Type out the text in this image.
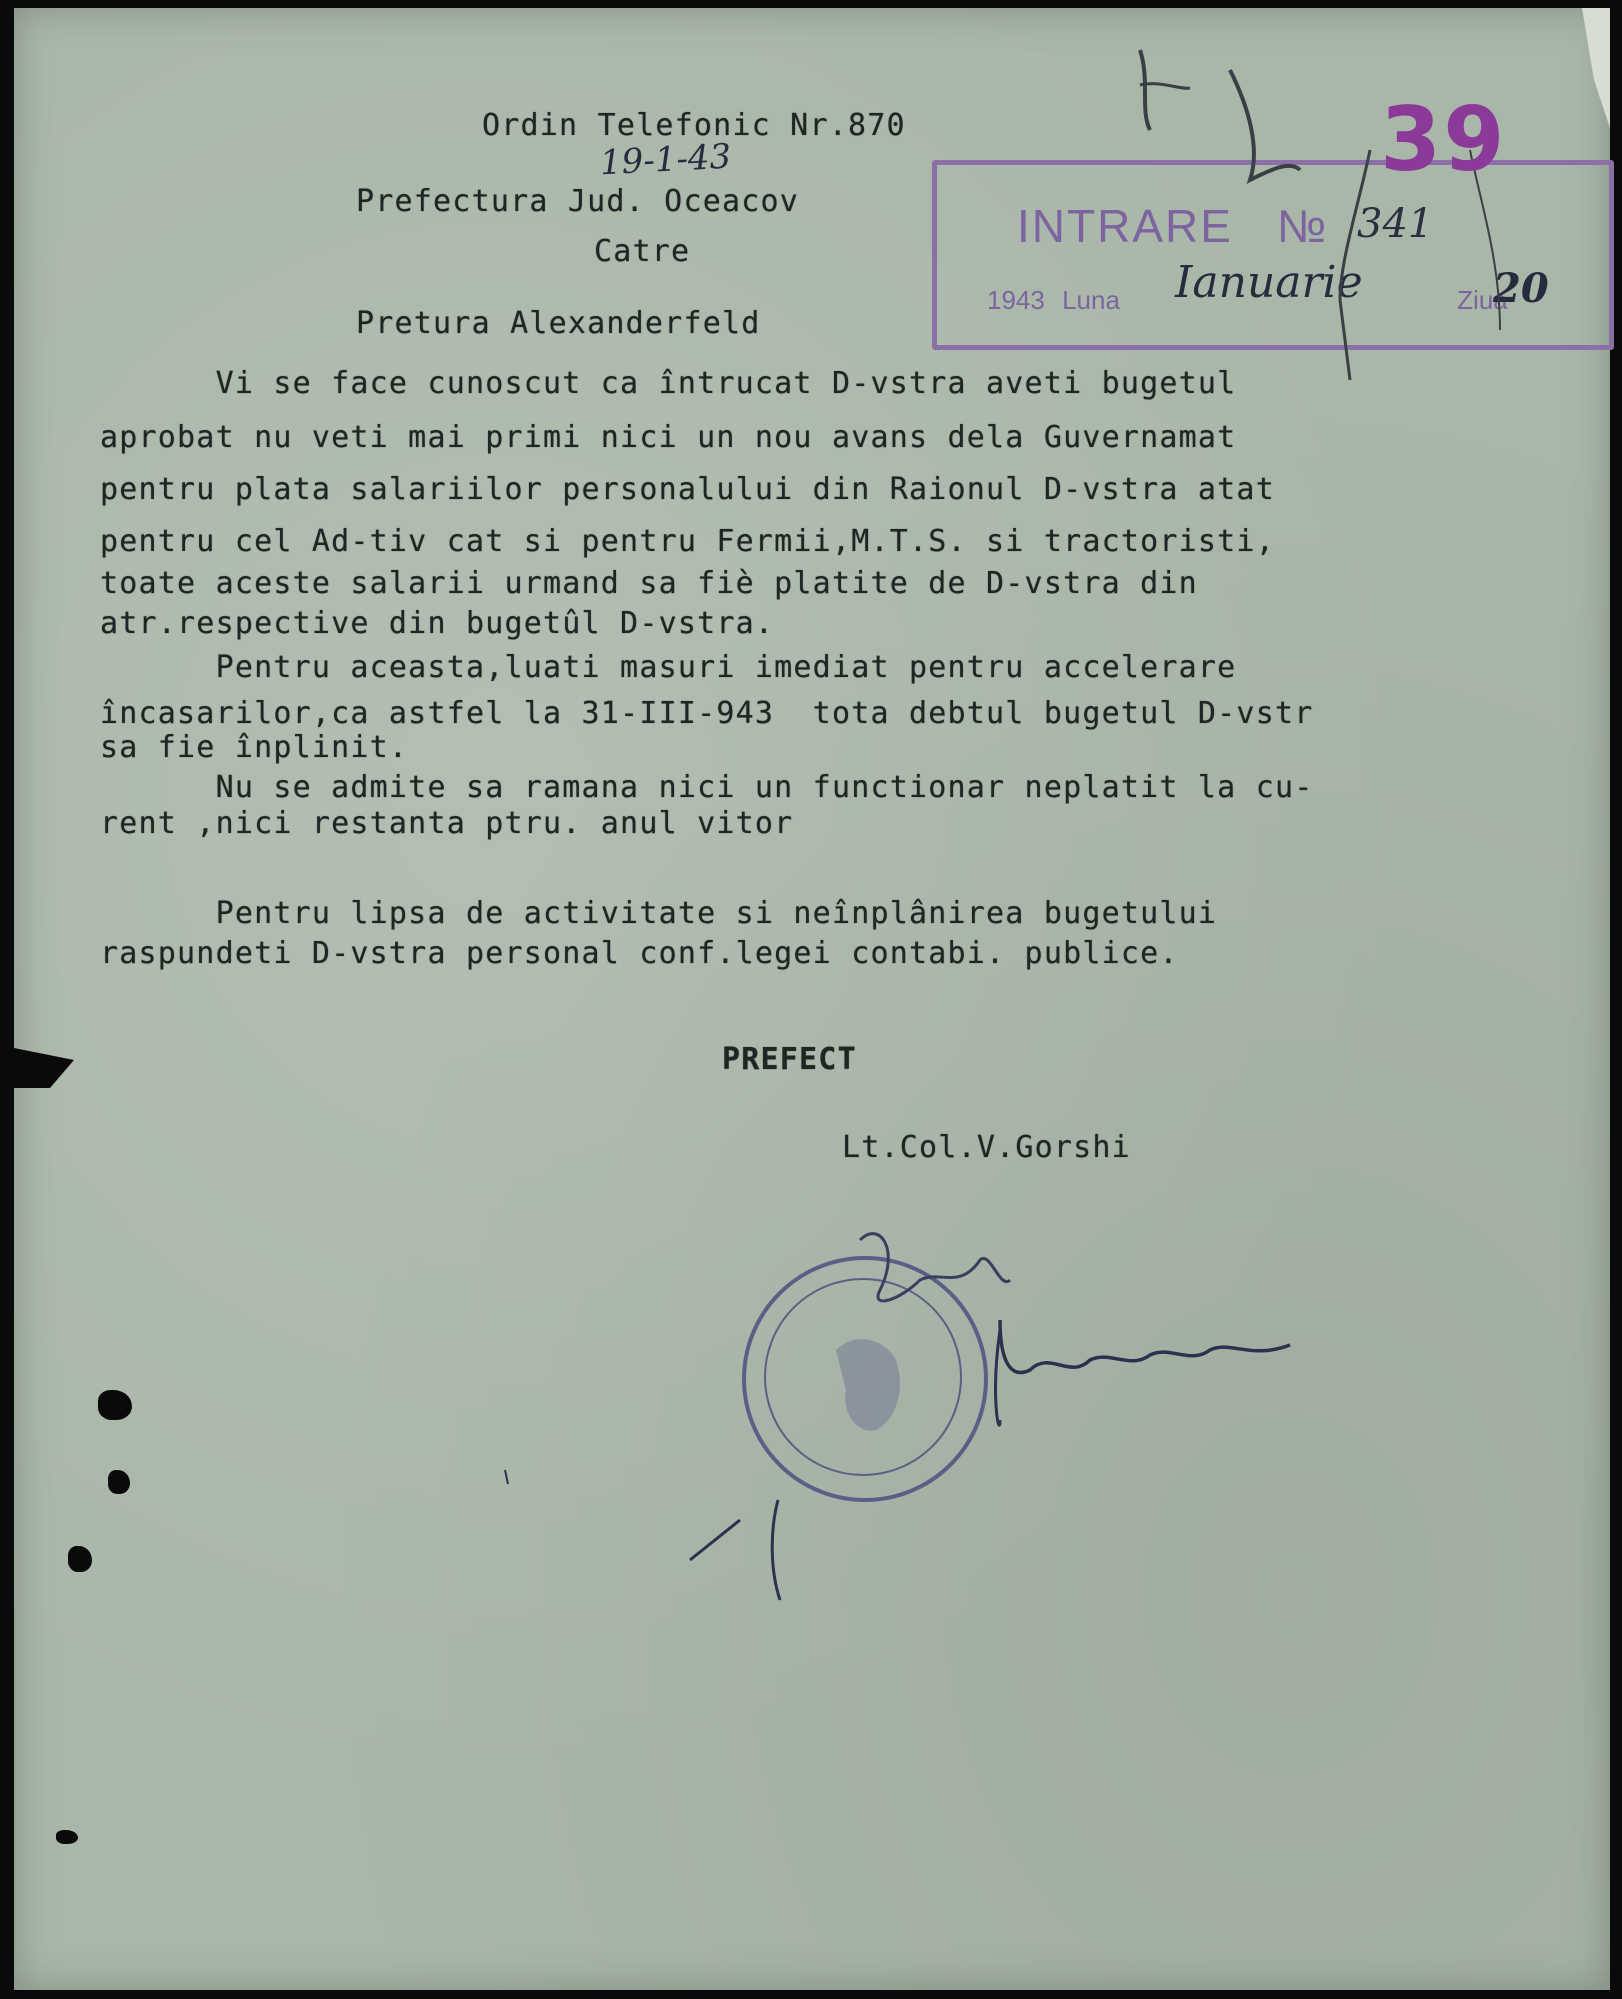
Ordin Telefonic Nr.870

19-1-43

Prefectura Jud. Oceacov

Catre

Pretura Alexanderfeld

INTRARE № 341
1943 Luna	Ziua
Ianuarie	20
39

Vi se face cunoscut ca întrucat D-vstra aveti bugetul

aprobat nu veti mai primi nici un nou avans dela Guvernamat

pentru plata salariilor personalului din Raionul D-vstra atat

pentru cel Ad-tiv cat si pentru Fermii,M.T.S. si tractoristi,

toate aceste salarii urmand sa fiè platite de D-vstra din

atr.respective din bugetûl D-vstra.

Pentru aceasta,luati masuri imediat pentru accelerare

încasarilor,ca astfel la 31-III-943  tota debtul bugetul D-vstr

sa fie înplinit.

Nu se admite sa ramana nici un functionar neplatit la cu-

rent ,nici restanta ptru. anul vitor

Pentru lipsa de activitate si neînplânirea bugetului

raspundeti D-vstra personal conf.legei contabi. publice.

PREFECT

Lt.Col.V.Gorshi
